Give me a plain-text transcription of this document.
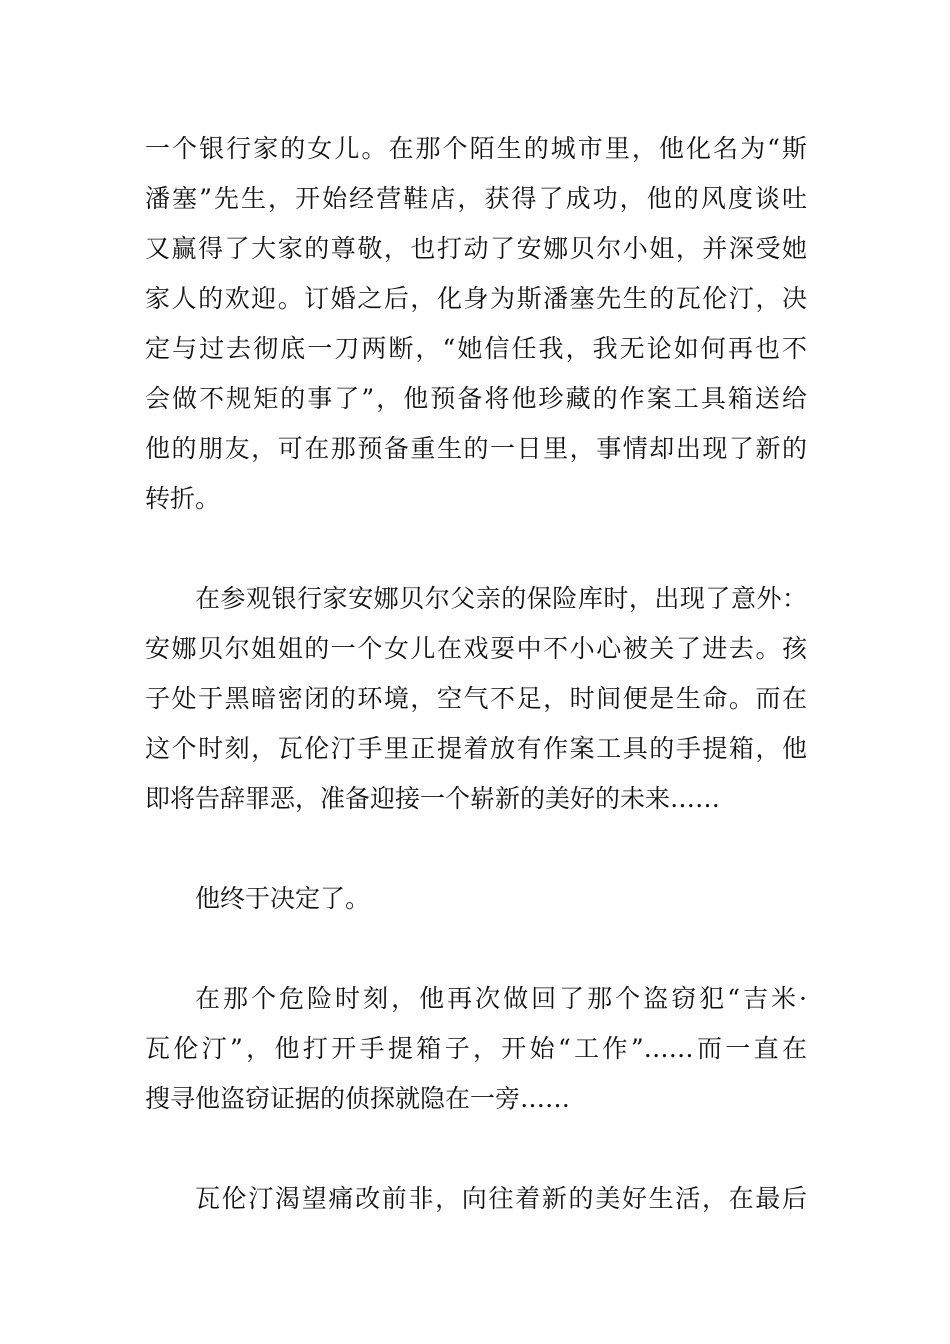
一个银行家的女儿。在那个陌生的城市里，他化名为“斯
潘塞”先生，开始经营鞋店，获得了成功，他的风度谈吐
又赢得了大家的尊敬，也打动了安娜贝尔小姐，并深受她
家人的欢迎。订婚之后，化身为斯潘塞先生的瓦伦汀，决
定与过去彻底一刀两断，“她信任我，我无论如何再也不
会做不规矩的事了”，他预备将他珍藏的作案工具箱送给
他的朋友，可在那预备重生的一日里，事情却出现了新的
转折。
在参观银行家安娜贝尔父亲的保险库时，出现了意外：
安娜贝尔姐姐的一个女儿在戏耍中不小心被关了进去。孩
子处于黑暗密闭的环境，空气不足，时间便是生命。而在
这个时刻，瓦伦汀手里正提着放有作案工具的手提箱，他
即将告辞罪恶，准备迎接一个崭新的美好的未来……
他终于决定了。
在那个危险时刻，他再次做回了那个盗窃犯“吉米·
瓦伦汀”，他打开手提箱子，开始“工作”……而一直在
搜寻他盗窃证据的侦探就隐在一旁……
瓦伦汀渴望痛改前非，向往着新的美好生活，在最后
